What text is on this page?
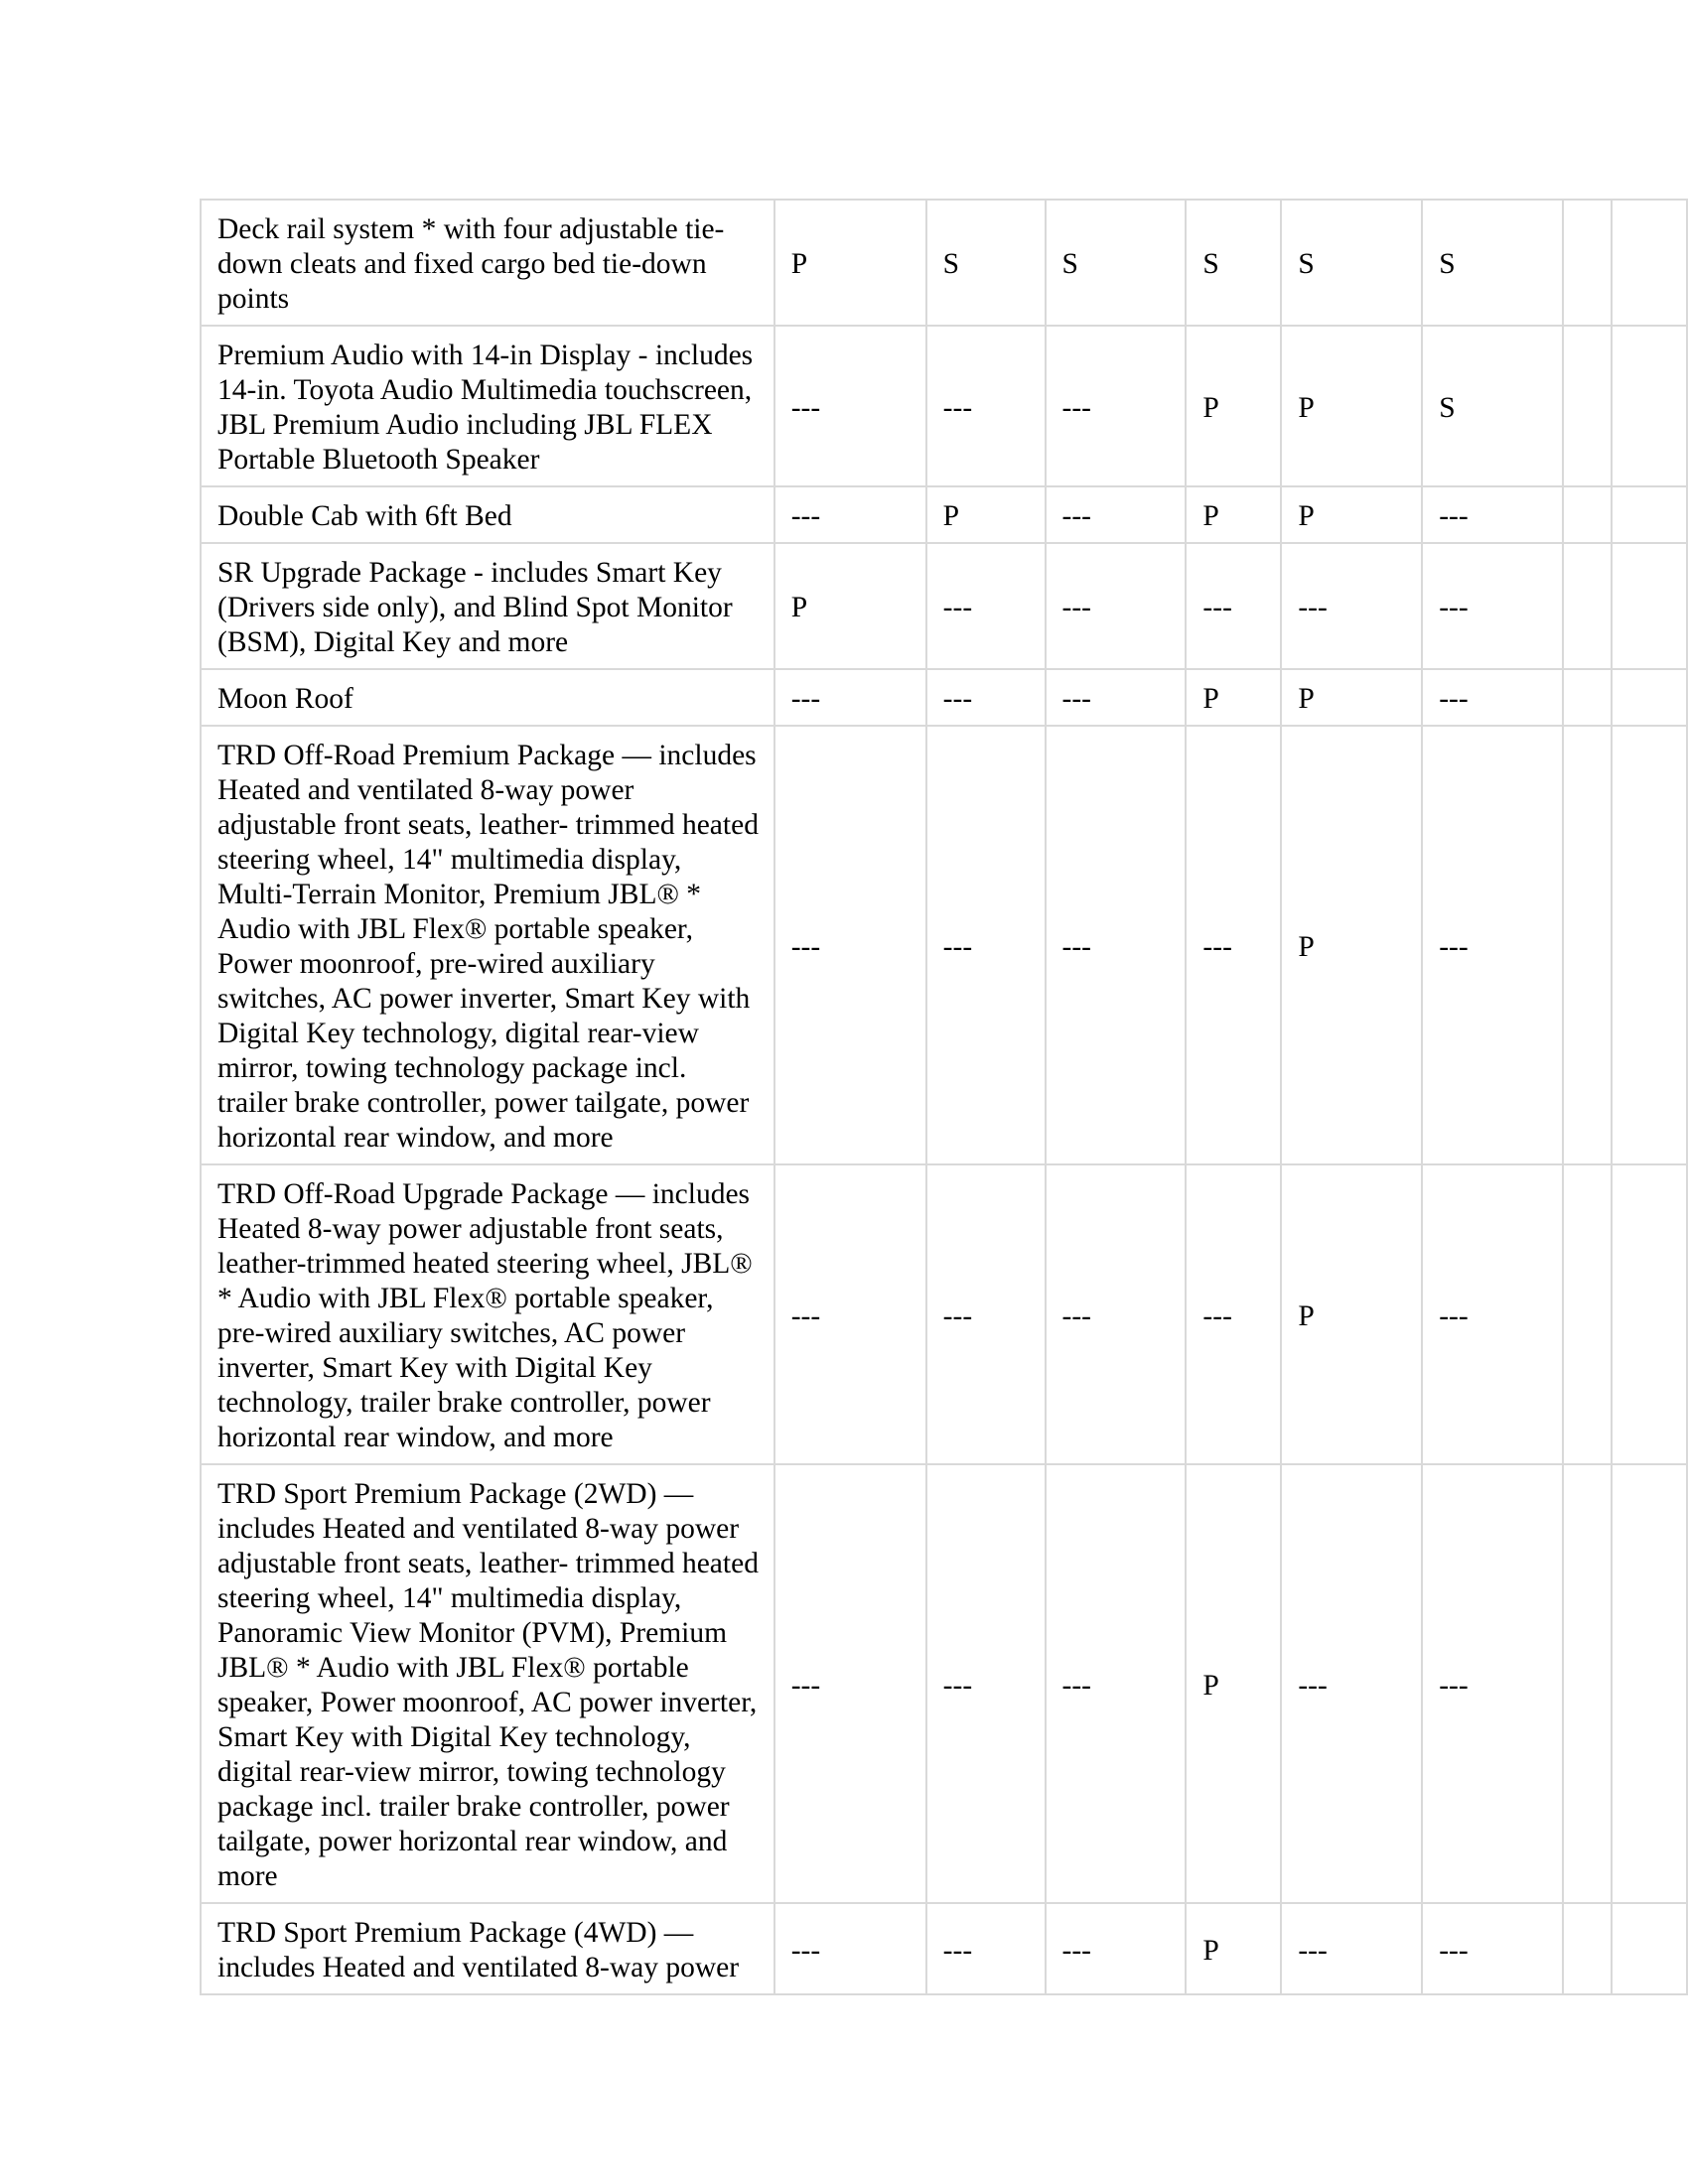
Deck rail system * with four adjustable tie-down cleats and fixed cargo bed tie-down points	P	S	S	S	S	S		
Premium Audio with 14-in Display - includes 14-in. Toyota Audio Multimedia touchscreen, JBL Premium Audio including JBL FLEX Portable Bluetooth Speaker	---	---	---	P	P	S		
Double Cab with 6ft Bed	---	P	---	P	P	---		
SR Upgrade Package - includes Smart Key (Drivers side only), and Blind Spot Monitor (BSM), Digital Key and more	P	---	---	---	---	---		
Moon Roof	---	---	---	P	P	---		
TRD Off-Road Premium Package — includes Heated and ventilated 8-way power adjustable front seats, leather- trimmed heated steering wheel, 14" multimedia display, Multi-Terrain Monitor, Premium JBL® * Audio with JBL Flex® portable speaker, Power moonroof, pre-wired auxiliary switches, AC power inverter, Smart Key with Digital Key technology, digital rear-view mirror, towing technology package incl. trailer brake controller, power tailgate, power horizontal rear window, and more	---	---	---	---	P	---		
TRD Off-Road Upgrade Package — includes Heated 8-way power adjustable front seats, leather-trimmed heated steering wheel, JBL® * Audio with JBL Flex® portable speaker, pre-wired auxiliary switches, AC power inverter, Smart Key with Digital Key technology, trailer brake controller, power horizontal rear window, and more	---	---	---	---	P	---		
TRD Sport Premium Package (2WD) — includes Heated and ventilated 8-way power adjustable front seats, leather- trimmed heated steering wheel, 14" multimedia display, Panoramic View Monitor (PVM), Premium JBL® * Audio with JBL Flex® portable speaker, Power moonroof, AC power inverter, Smart Key with Digital Key technology, digital rear-view mirror, towing technology package incl. trailer brake controller, power tailgate, power horizontal rear window, and more	---	---	---	P	---	---		
TRD Sport Premium Package (4WD) — includes Heated and ventilated 8-way power	---	---	---	P	---	---		
